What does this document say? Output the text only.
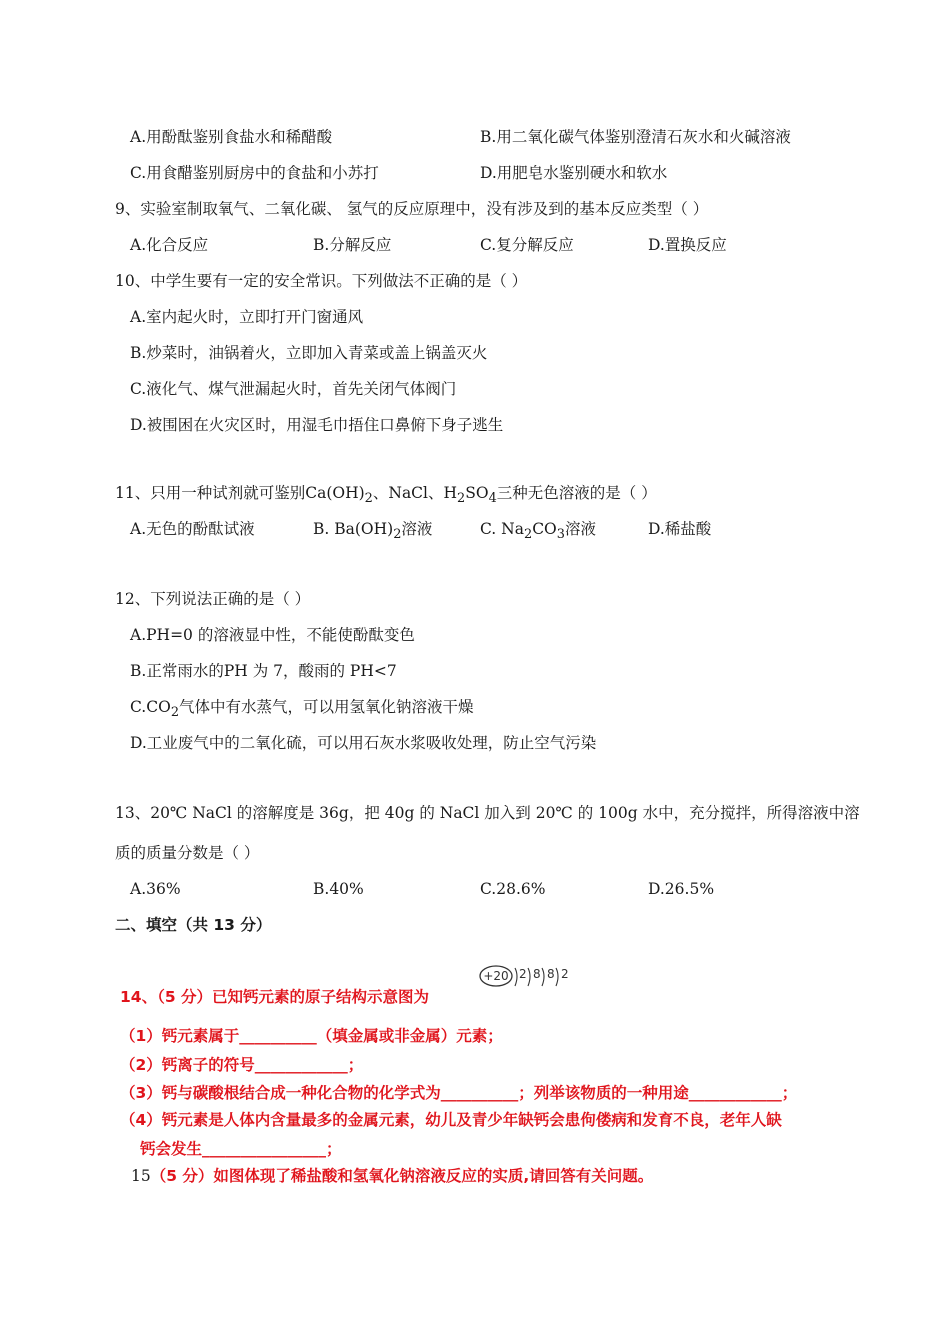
A.用酚酞鉴别食盐水和稀醋酸	B.用二氧化碳气体鉴别澄清石灰水和火碱溶液
C.用食醋鉴别厨房中的食盐和小苏打	D.用肥皂水鉴别硬水和软水
9、实验室制取氧气、二氧化碳、 氢气的反应原理中，没有涉及到的基本反应类型（ ）
A.化合反应	B.分解反应	C.复分解反应	D.置换反应
10、中学生要有一定的安全常识。下列做法不正确的是（ ）
A.室内起火时，立即打开门窗通风
B.炒菜时，油锅着火，立即加入青菜或盖上锅盖灭火
C.液化气、煤气泄漏起火时，首先关闭气体阀门
D.被围困在火灾区时，用湿毛巾捂住口鼻俯下身子逃生
11、只用一种试剂就可鉴别$Ca(OH)_2$、NaCl、$H_2SO_4$三种无色溶液的是（ ）
A.无色的酚酞试液	B. $Ba(OH)_2$溶液	C. $Na_2CO_3$溶液	D.稀盐酸
12、下列说法正确的是（ ）
A.PH=0 的溶液显中性，不能使酚酞变色
B.正常雨水的PH 为 7，酸雨的 PH<7
$C.CO_2$气体中有水蒸气，可以用氢氧化钠溶液干燥
D.工业废气中的二氧化硫，可以用石灰水浆吸收处理，防止空气污染
13、20℃ NaCl 的溶解度是 36g，把 40g 的 NaCl 加入到 20℃ 的 100g 水中，充分搅拌，所得溶液中溶
质的质量分数是（ ）
A.36%	B.40%	C.28.6%	D.26.5%
二、填空（共 13 分）
+20 2 8 8 2
14、（5 分）已知钙元素的原子结构示意图为
（1）钙元素属于__________（填金属或非金属）元素；
（2）钙离子的符号____________；
（3）钙与碳酸根结合成一种化合物的化学式为__________；列举该物质的一种用途____________；
（4）钙元素是人体内含量最多的金属元素，幼儿及青少年缺钙会患佝偻病和发育不良，老年人缺
钙会发生________________；
15（5 分）如图体现了稀盐酸和氢氧化钠溶液反应的实质,请回答有关问题。
